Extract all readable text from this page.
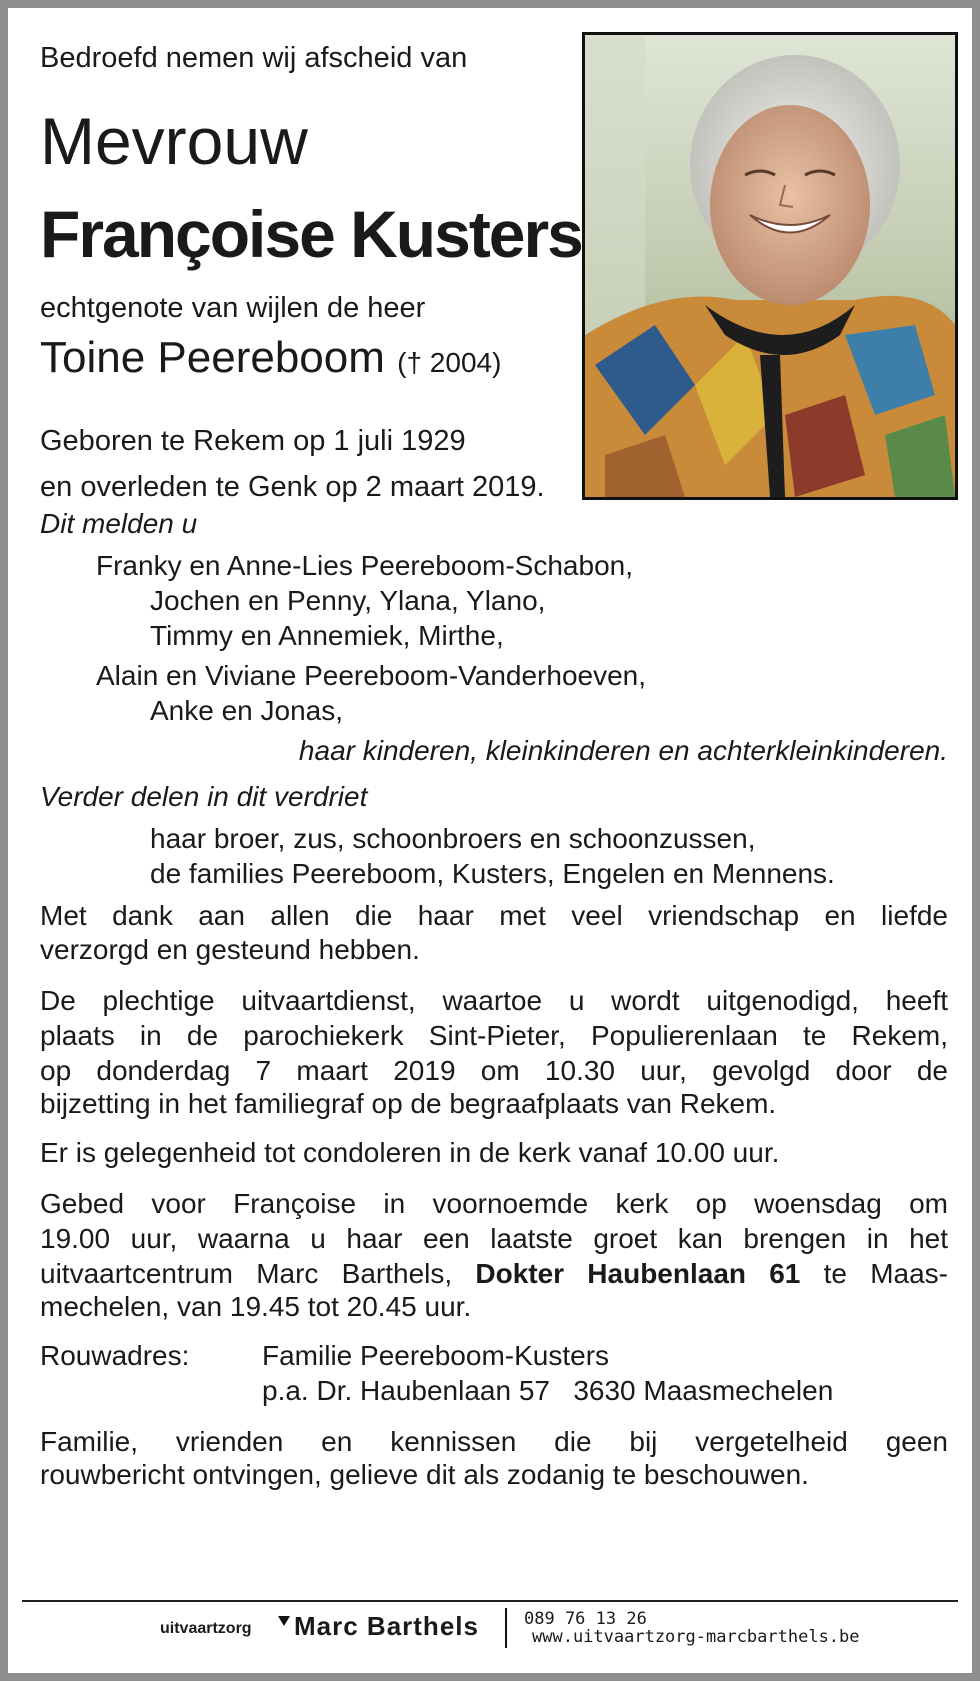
Bedroefd nemen wij afscheid van
Mevrouw
Françoise Kusters
echtgenote van wijlen de heer
Toine Peereboom († 2004)
Geboren te Rekem op 1 juli 1929
en overleden te Genk op 2 maart 2019.
Dit melden u
Franky en Anne-Lies Peereboom-Schabon,
Jochen en Penny, Ylana, Ylano,
Timmy en Annemiek, Mirthe,
Alain en Viviane Peereboom-Vanderhoeven,
Anke en Jonas,
haar kinderen, kleinkinderen en achterkleinkinderen.
Verder delen in dit verdriet
haar broer, zus, schoonbroers en schoonzussen,
de families Peereboom, Kusters, Engelen en Mennens.
Met dank aan allen die haar met veel vriendschap en liefde
verzorgd en gesteund hebben.
De plechtige uitvaartdienst, waartoe u wordt uitgenodigd, heeft
plaats in de parochiekerk Sint-Pieter, Populierenlaan te Rekem,
op donderdag 7 maart 2019 om 10.30 uur, gevolgd door de
bijzetting in het familiegraf op de begraafplaats van Rekem.
Er is gelegenheid tot condoleren in de kerk vanaf 10.00 uur.
Gebed voor Françoise in voornoemde kerk op woensdag om
19.00 uur, waarna u haar een laatste groet kan brengen in het
uitvaartcentrum Marc Barthels, Dokter Haubenlaan 61 te Maas-
mechelen, van 19.45 tot 20.45 uur.
Rouwadres:	Familie Peereboom-Kusters
p.a. Dr. Haubenlaan 57   3630 Maasmechelen
Familie, vrienden en kennissen die bij vergetelheid geen
rouwbericht ontvingen, gelieve dit als zodanig te beschouwen.
uitvaartzorg Marc Barthels	089 76 13 26
www.uitvaartzorg-marcbarthels.be
